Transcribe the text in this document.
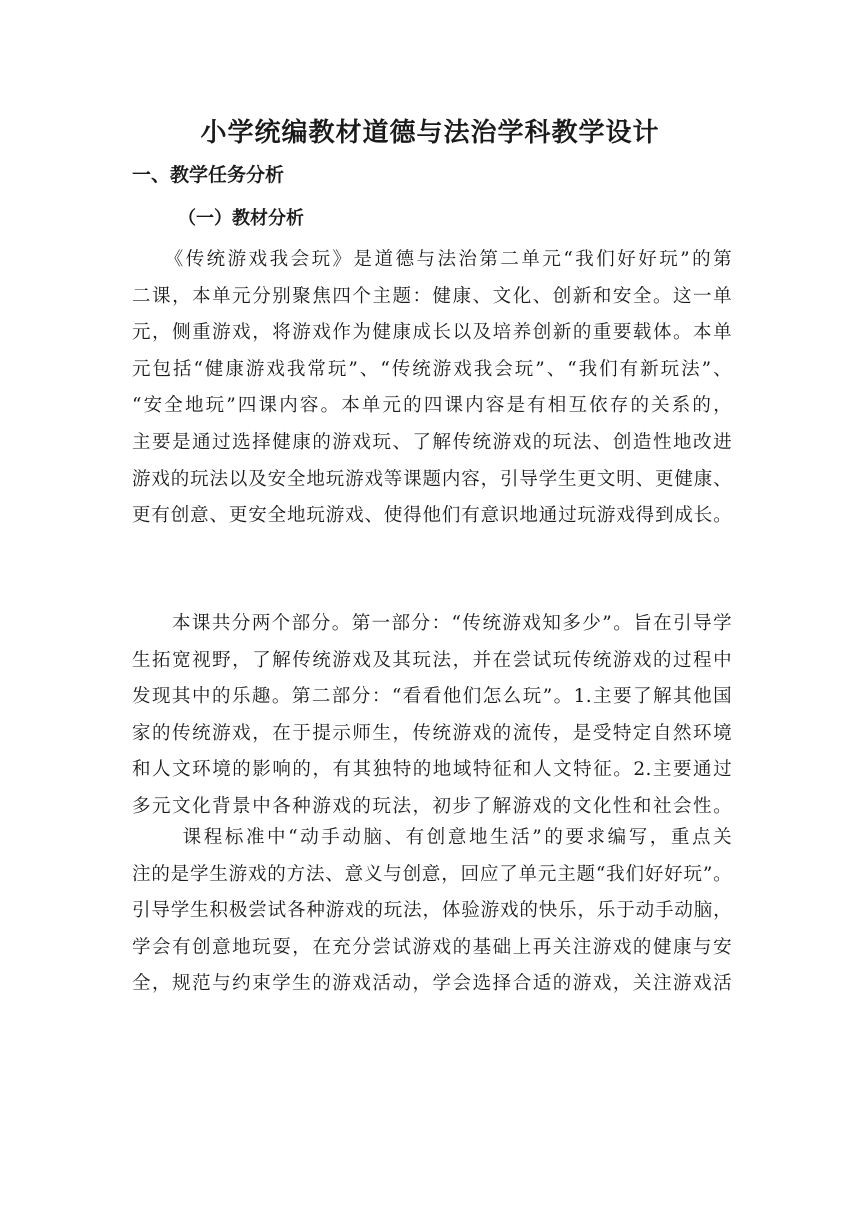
小学统编教材道德与法治学科教学设计
一、教学任务分析
（一）教材分析
　　《传统游戏我会玩》是道德与法治第二单元“我们好好玩”的第
二课，本单元分别聚焦四个主题：健康、文化、创新和安全。这一单
元，侧重游戏，将游戏作为健康成长以及培养创新的重要载体。本单
元包括“健康游戏我常玩”、“传统游戏我会玩”、“我们有新玩法”、
“安全地玩”四课内容。本单元的四课内容是有相互依存的关系的，
主要是通过选择健康的游戏玩、了解传统游戏的玩法、创造性地改进
游戏的玩法以及安全地玩游戏等课题内容，引导学生更文明、更健康、
更有创意、更安全地玩游戏、使得他们有意识地通过玩游戏得到成长。
　　本课共分两个部分。第一部分：“传统游戏知多少”。旨在引导学
生拓宽视野，了解传统游戏及其玩法，并在尝试玩传统游戏的过程中
发现其中的乐趣。第二部分：“看看他们怎么玩”。1.主要了解其他国
家的传统游戏，在于提示师生，传统游戏的流传，是受特定自然环境
和人文环境的影响的，有其独特的地域特征和人文特征。2.主要通过
多元文化背景中各种游戏的玩法，初步了解游戏的文化性和社会性。
　　 课程标准中“动手动脑、有创意地生活”的要求编写，重点关
注的是学生游戏的方法、意义与创意，回应了单元主题“我们好好玩”。
引导学生积极尝试各种游戏的玩法，体验游戏的快乐，乐于动手动脑，
学会有创意地玩耍，在充分尝试游戏的基础上再关注游戏的健康与安
全，规范与约束学生的游戏活动，学会选择合适的游戏，关注游戏活
